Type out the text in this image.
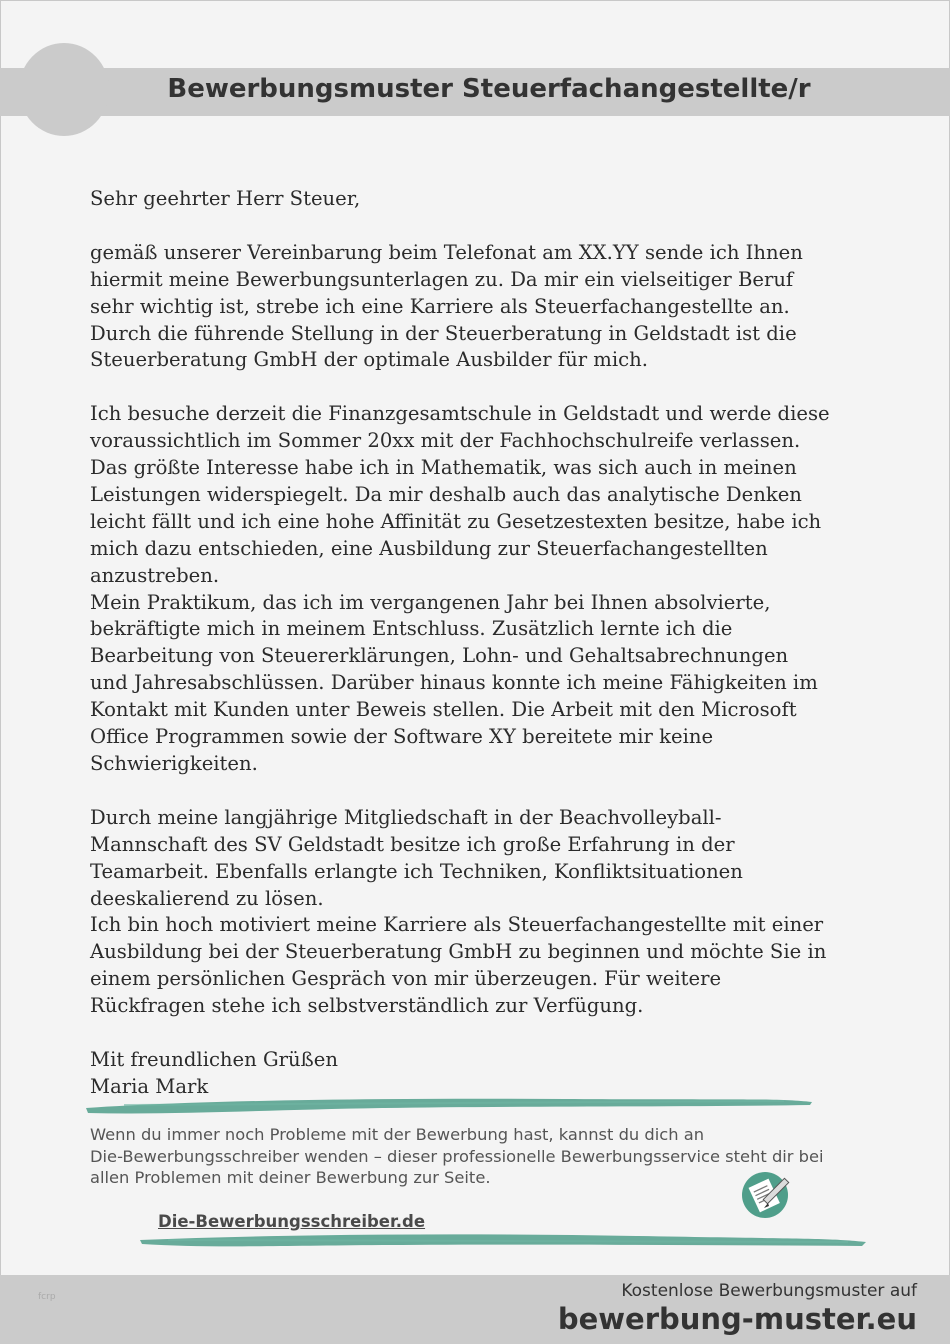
Bewerbungsmuster Steuerfachangestellte/r

Sehr geehrter Herr Steuer,

gemäß unserer Vereinbarung beim Telefonat am XX.YY sende ich Ihnen

hiermit meine Bewerbungsunterlagen zu. Da mir ein vielseitiger Beruf

sehr wichtig ist, strebe ich eine Karriere als Steuerfachangestellte an.

Durch die führende Stellung in der Steuerberatung in Geldstadt ist die

Steuerberatung GmbH der optimale Ausbilder für mich.

Ich besuche derzeit die Finanzgesamtschule in Geldstadt und werde diese

voraussichtlich im Sommer 20xx mit der Fachhochschulreife verlassen.

Das größte Interesse habe ich in Mathematik, was sich auch in meinen

Leistungen widerspiegelt. Da mir deshalb auch das analytische Denken

leicht fällt und ich eine hohe Affinität zu Gesetzestexten besitze, habe ich

mich dazu entschieden, eine Ausbildung zur Steuerfachangestellten

anzustreben.

Mein Praktikum, das ich im vergangenen Jahr bei Ihnen absolvierte,

bekräftigte mich in meinem Entschluss. Zusätzlich lernte ich die

Bearbeitung von Steuererklärungen, Lohn- und Gehaltsabrechnungen

und Jahresabschlüssen. Darüber hinaus konnte ich meine Fähigkeiten im

Kontakt mit Kunden unter Beweis stellen. Die Arbeit mit den Microsoft

Office Programmen sowie der Software XY bereitete mir keine

Schwierigkeiten.

Durch meine langjährige Mitgliedschaft in der Beachvolleyball-

Mannschaft des SV Geldstadt besitze ich große Erfahrung in der

Teamarbeit. Ebenfalls erlangte ich Techniken, Konfliktsituationen

deeskalierend zu lösen.

Ich bin hoch motiviert meine Karriere als Steuerfachangestellte mit einer

Ausbildung bei der Steuerberatung GmbH zu beginnen und möchte Sie in

einem persönlichen Gespräch von mir überzeugen. Für weitere

Rückfragen stehe ich selbstverständlich zur Verfügung.

Mit freundlichen Grüßen

Maria Mark

Wenn du immer noch Probleme mit der Bewerbung hast, kannst du dich an

Die-Bewerbungsschreiber wenden – dieser professionelle Bewerbungsservice steht dir bei

allen Problemen mit deiner Bewerbung zur Seite.

Die-Bewerbungsschreiber.de
fcrp	Kostenlose Bewerbungsmuster auf
bewerbung-muster.eu
